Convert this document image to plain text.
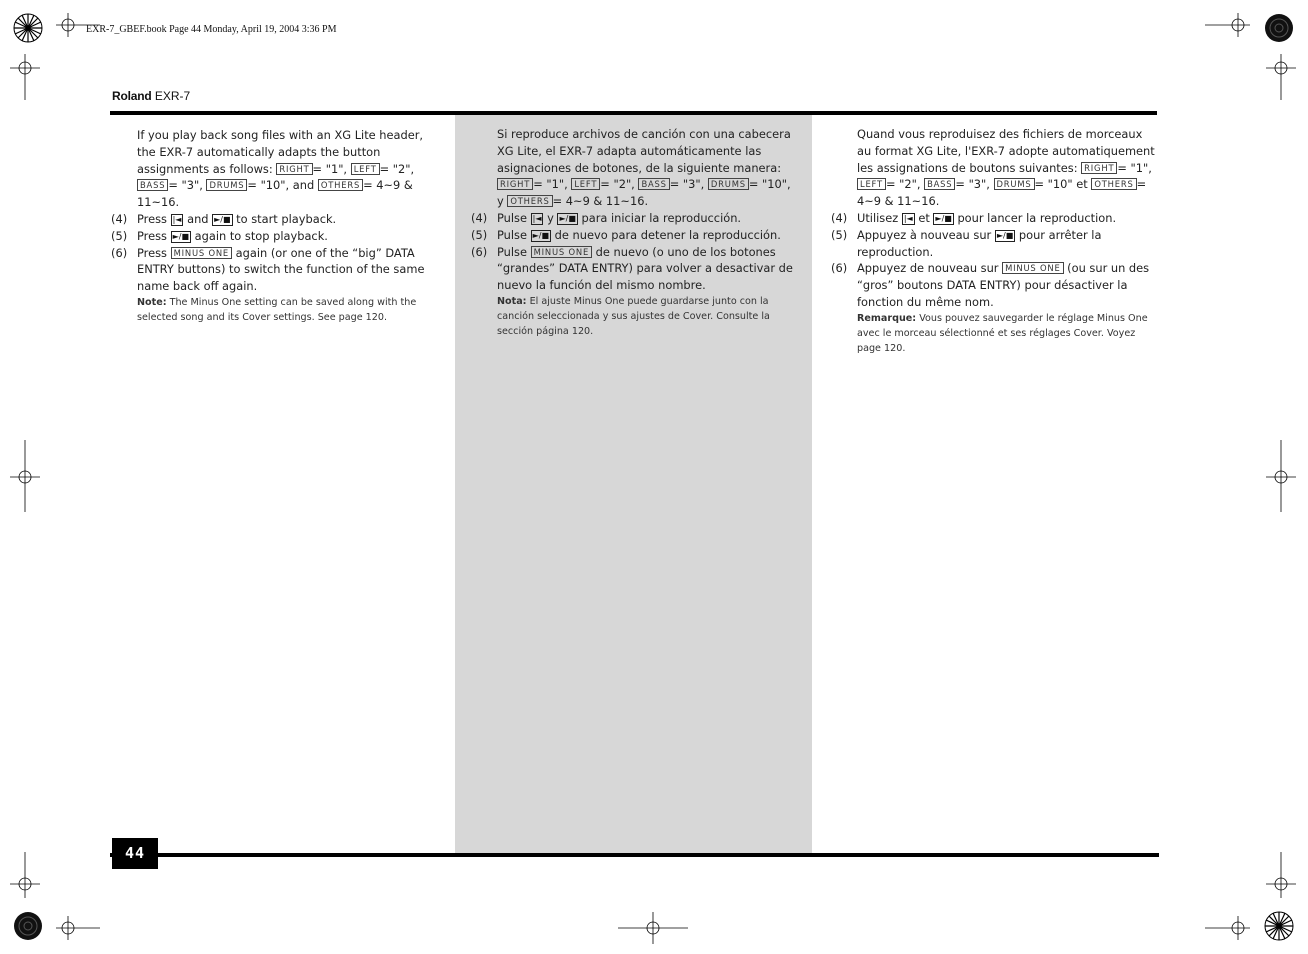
EXR-7_GBEF.book Page 44 Monday, April 19, 2004 3:36 PM
Roland EXR-7
44

If you play back song files with an XG Lite header, the EXR-7 automatically adapts the button assignments as follows: RIGHT = "1", LEFT = "2", BASS = "3", DRUMS = "10", and OTHERS = 4~9 & 11~16.

(4) Press |◄ and ►/■ to start playback.

(5) Press ►/■ again to stop playback.

(6) Press MINUS ONE again (or one of the “big” DATA ENTRY buttons) to switch the function of the same name back off again.

Note: The Minus One setting can be saved along with the selected song and its Cover settings. See page 120.

Si reproduce archivos de canción con una cabecera XG Lite, el EXR-7 adapta automáticamente las asignaciones de botones, de la siguiente manera: RIGHT = "1", LEFT = "2", BASS = "3", DRUMS = "10", y OTHERS = 4~9 & 11~16.

(4) Pulse |◄ y ►/■ para iniciar la reproducción.

(5) Pulse ►/■ de nuevo para detener la reproducción.

(6) Pulse MINUS ONE de nuevo (o uno de los botones “grandes” DATA ENTRY) para volver a desactivar de nuevo la función del mismo nombre.

Nota: El ajuste Minus One puede guardarse junto con la canción seleccionada y sus ajustes de Cover. Consulte la sección página 120.

Quand vous reproduisez des fichiers de morceaux au format XG Lite, l'EXR-7 adopte automatiquement les assignations de boutons suivantes: RIGHT = "1", LEFT = "2", BASS = "3", DRUMS = "10" et OTHERS = 4~9 & 11~16.

(4) Utilisez |◄ et ►/■ pour lancer la reproduction.

(5) Appuyez à nouveau sur ►/■ pour arrêter la reproduction.

(6) Appuyez de nouveau sur MINUS ONE (ou sur un des “gros” boutons DATA ENTRY) pour désactiver la fonction du même nom.

Remarque: Vous pouvez sauvegarder le réglage Minus One avec le morceau sélectionné et ses réglages Cover. Voyez page 120.
